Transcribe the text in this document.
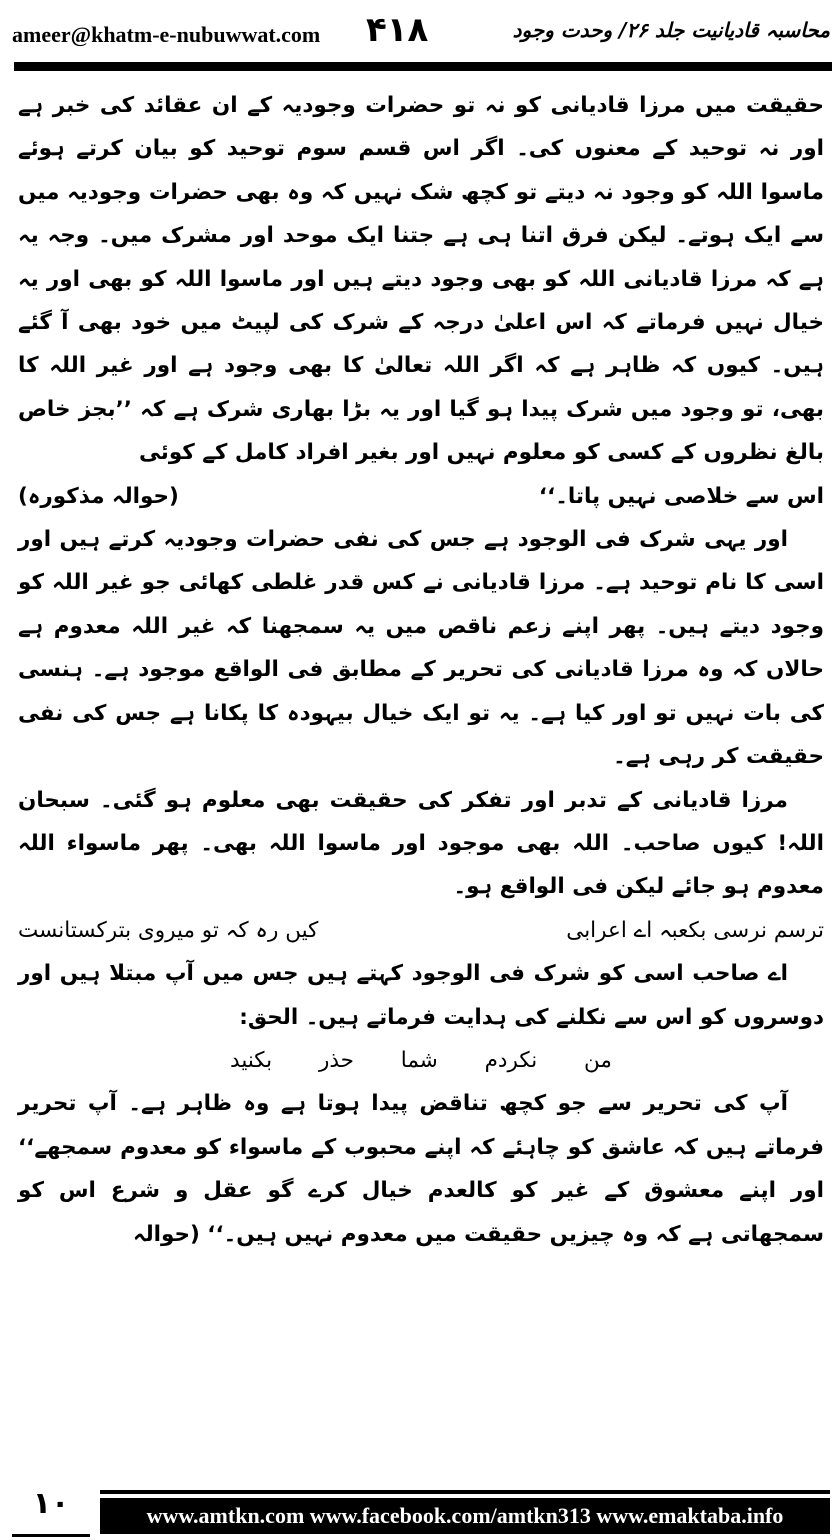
ameer@khatm-e-nubuwwat.com ۴۱۸	محاسبہ قادیانیت جلد ۲۶/ وحدت وجود

حقیقت میں مرزا قادیانی کو نہ تو حضرات وجودیہ کے ان عقائد کی خبر ہے اور نہ توحید کے معنوں کی۔ اگر اس قسم سوم توحید کو بیان کرتے ہوئے ماسوا اللہ کو وجود نہ دیتے تو کچھ شک نہیں کہ وہ بھی حضرات وجودیہ میں سے ایک ہوتے۔ لیکن فرق اتنا ہی ہے جتنا ایک موحد اور مشرک میں۔ وجہ یہ ہے کہ مرزا قادیانی اللہ کو بھی وجود دیتے ہیں اور ماسوا اللہ کو بھی اور یہ خیال نہیں فرماتے کہ اس اعلیٰ درجہ کے شرک کی لپیٹ میں خود بھی آ گئے ہیں۔ کیوں کہ ظاہر ہے کہ اگر اللہ تعالیٰ کا بھی وجود ہے اور غیر اللہ کا بھی، تو وجود میں شرک پیدا ہو گیا اور یہ بڑا بھاری شرک ہے کہ ’’بجز خاص بالغ نظروں کے کسی کو معلوم نہیں اور بغیر افراد کامل کے کوئی

اس سے خلاصی نہیں پاتا۔‘‘
(حوالہ مذکورہ)

اور یہی شرک فی الوجود ہے جس کی نفی حضرات وجودیہ کرتے ہیں اور اسی کا نام توحید ہے۔ مرزا قادیانی نے کس قدر غلطی کھائی جو غیر اللہ کو وجود دیتے ہیں۔ پھر اپنے زعم ناقص میں یہ سمجھنا کہ غیر اللہ معدوم ہے حالاں کہ وہ مرزا قادیانی کی تحریر کے مطابق فی الواقع موجود ہے۔ ہنسی کی بات نہیں تو اور کیا ہے۔ یہ تو ایک خیال بیہودہ کا پکانا ہے جس کی نفی حقیقت کر رہی ہے۔

مرزا قادیانی کے تدبر اور تفکر کی حقیقت بھی معلوم ہو گئی۔ سبحان اللہ! کیوں صاحب۔ اللہ بھی موجود اور ماسوا اللہ بھی۔ پھر ماسواء اللہ معدوم ہو جائے لیکن فی الواقع ہو۔

ترسم نرسی بکعبہ اے اعرابی
کیں رہ کہ تو میروی بترکستانست

اے صاحب اسی کو شرک فی الوجود کہتے ہیں جس میں آپ مبتلا ہیں اور دوسروں کو اس سے نکلنے کی ہدایت فرماتے ہیں۔ الحق:

من نکردم شما حذر بکنید

آپ کی تحریر سے جو کچھ تناقض پیدا ہوتا ہے وہ ظاہر ہے۔ آپ تحریر فرماتے ہیں کہ عاشق کو چاہئے کہ اپنے محبوب کے ماسواء کو معدوم سمجھے‘‘ اور اپنے معشوق کے غیر کو کالعدم خیال کرے گو عقل و شرع اس کو سمجھاتی ہے کہ وہ چیزیں حقیقت میں معدوم نہیں ہیں۔‘‘ (حوالہ

۱۰	www.amtkn.com www.facebook.com/amtkn313 www.emaktaba.info
